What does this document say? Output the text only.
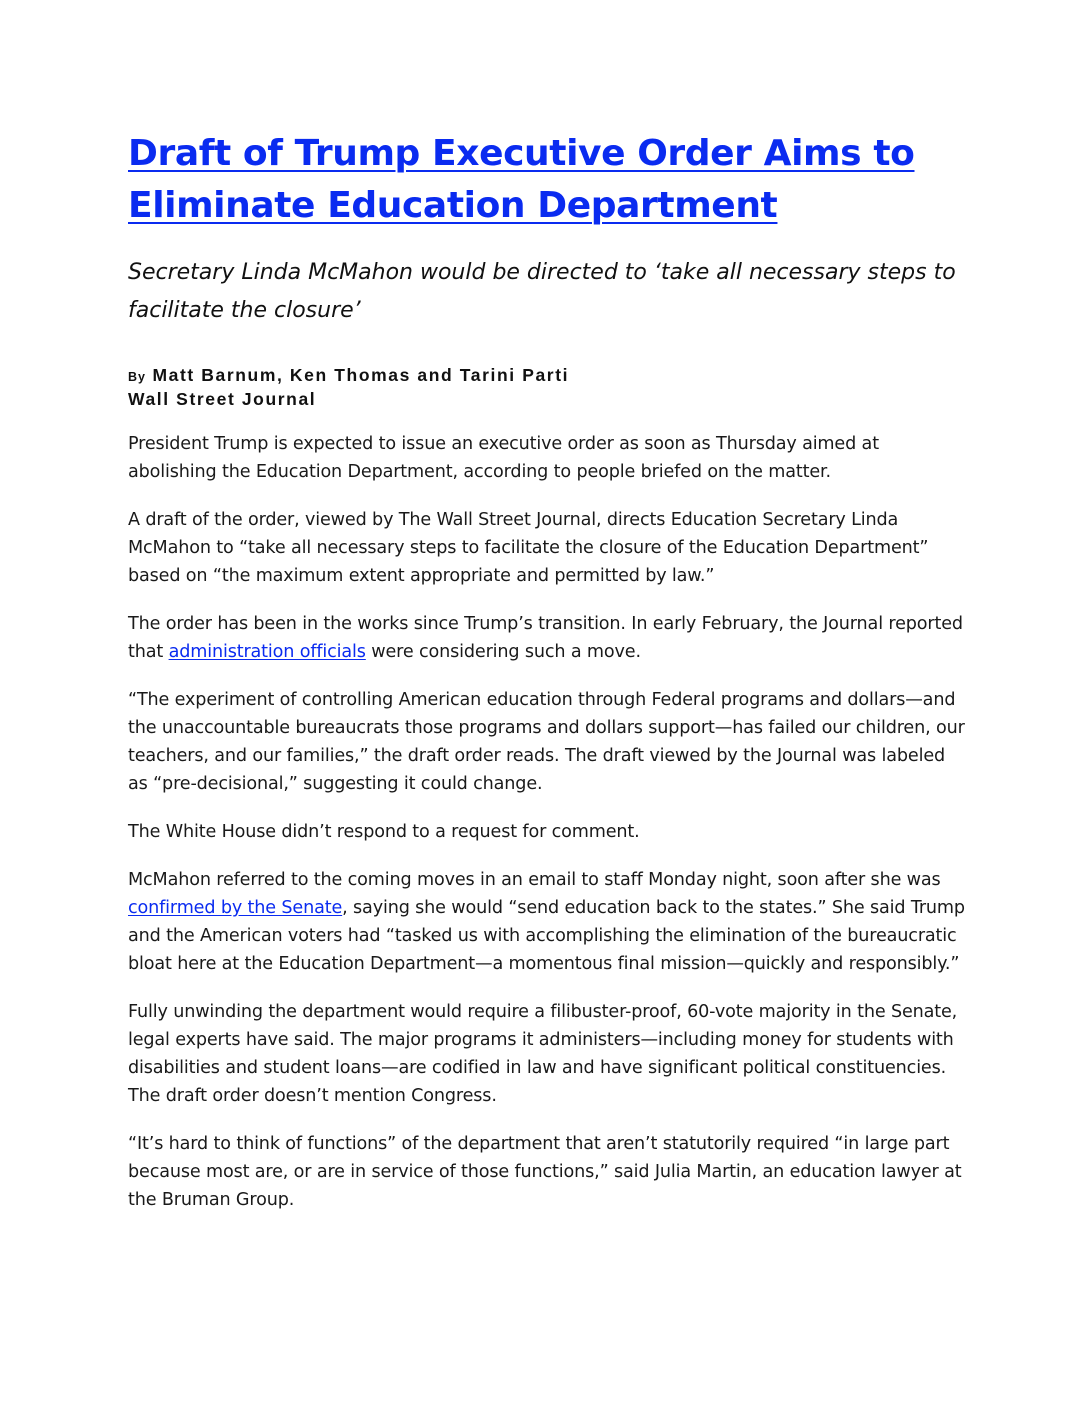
Draft of Trump Executive Order Aims to Eliminate Education Department

Secretary Linda McMahon would be directed to ‘take all necessary steps to facilitate the closure’

By Matt Barnum, Ken Thomas and Tarini Parti
Wall Street Journal

President Trump is expected to issue an executive order as soon as Thursday aimed at abolishing the Education Department, according to people briefed on the matter.

A draft of the order, viewed by The Wall Street Journal, directs Education Secretary Linda McMahon to “take all necessary steps to facilitate the closure of the Education Department” based on “the maximum extent appropriate and permitted by law.”

The order has been in the works since Trump’s transition. In early February, the Journal reported that administration officials were considering such a move.

“The experiment of controlling American education through Federal programs and dollars—and the unaccountable bureaucrats those programs and dollars support—has failed our children, our teachers, and our families,” the draft order reads. The draft viewed by the Journal was labeled as “pre-decisional,” suggesting it could change.

The White House didn’t respond to a request for comment.

McMahon referred to the coming moves in an email to staff Monday night, soon after she was confirmed by the Senate, saying she would “send education back to the states.” She said Trump and the American voters had “tasked us with accomplishing the elimination of the bureaucratic bloat here at the Education Department—a momentous final mission—quickly and responsibly.”

Fully unwinding the department would require a filibuster-proof, 60-vote majority in the Senate, legal experts have said. The major programs it administers—including money for students with disabilities and student loans—are codified in law and have significant political constituencies. The draft order doesn’t mention Congress.

“It’s hard to think of functions” of the department that aren’t statutorily required “in large part because most are, or are in service of those functions,” said Julia Martin, an education lawyer at the Bruman Group.
